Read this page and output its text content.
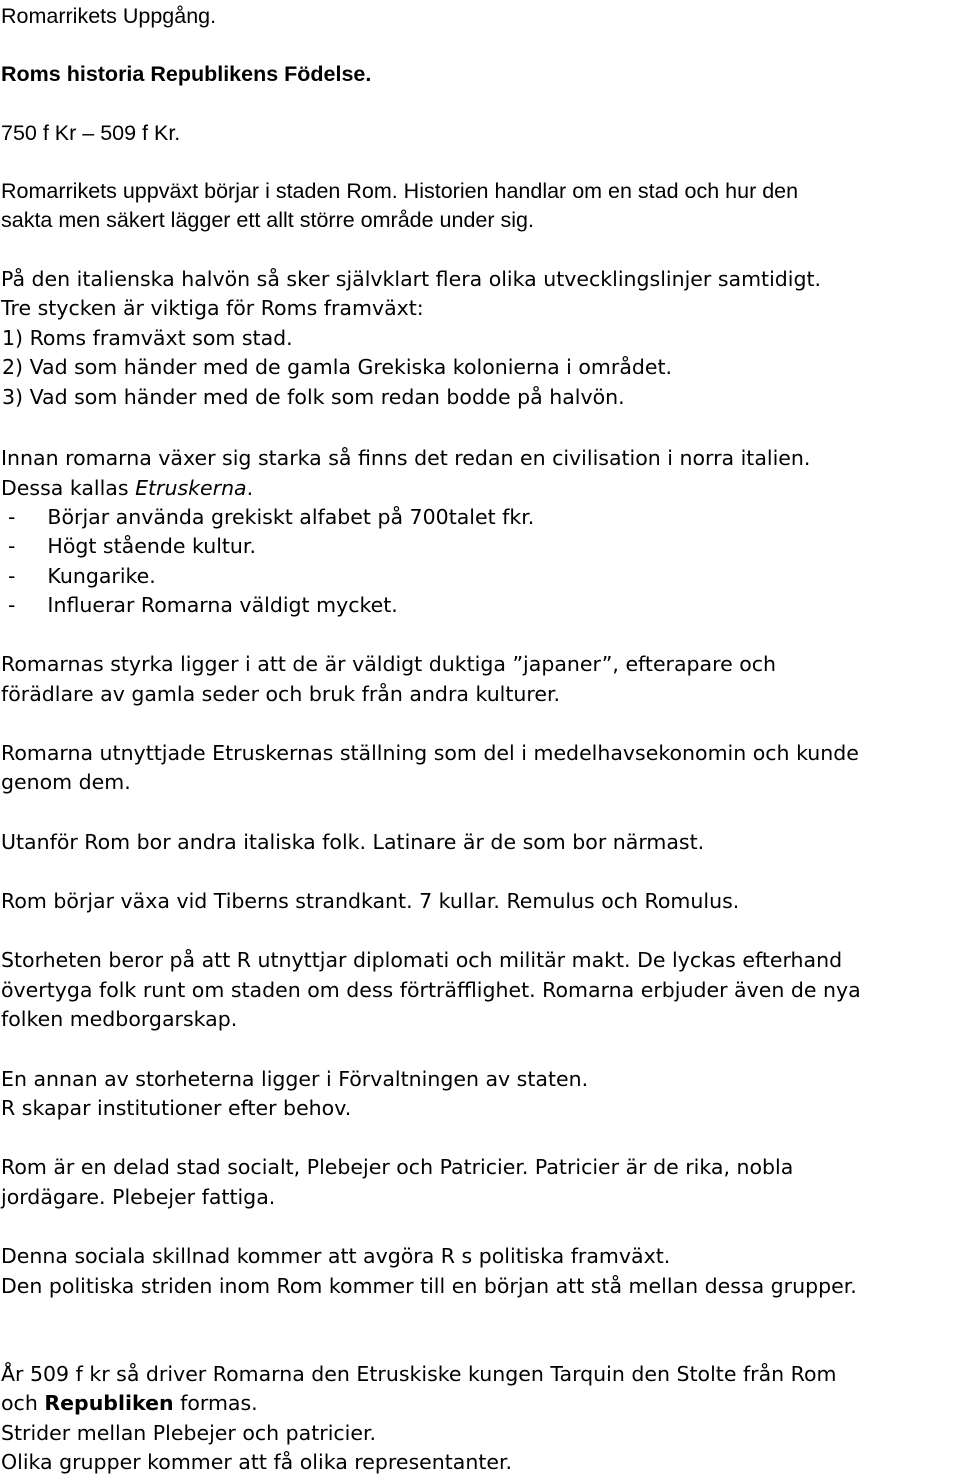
Romarrikets Uppgång.
Roms historia Republikens Födelse.
750 f Kr – 509 f Kr.
Romarrikets uppväxt börjar i staden Rom. Historien handlar om en stad och hur den
sakta men säkert lägger ett allt större område under sig.
På den italienska halvön så sker självklart flera olika utvecklingslinjer samtidigt.
Tre stycken är viktiga för Roms framväxt:
1) Roms framväxt som stad.
2) Vad som händer med de gamla Grekiska kolonierna i området.
3) Vad som händer med de folk som redan bodde på halvön.
Innan romarna växer sig starka så finns det redan en civilisation i norra italien.
Dessa kallas Etruskerna.
- Börjar använda grekiskt alfabet på 700talet fkr.
- Högt stående kultur.
- Kungarike.
- Influerar Romarna väldigt mycket.
Romarnas styrka ligger i att de är väldigt duktiga ”japaner”, efterapare och
förädlare av gamla seder och bruk från andra kulturer.
Romarna utnyttjade Etruskernas ställning som del i medelhavsekonomin och kunde
genom dem.
Utanför Rom bor andra italiska folk. Latinare är de som bor närmast.
Rom börjar växa vid Tiberns strandkant. 7 kullar. Remulus och Romulus.
Storheten beror på att R utnyttjar diplomati och militär makt. De lyckas efterhand
övertyga folk runt om staden om dess förträfflighet. Romarna erbjuder även de nya
folken medborgarskap.
En annan av storheterna ligger i Förvaltningen av staten.
R skapar institutioner efter behov.
Rom är en delad stad socialt, Plebejer och Patricier. Patricier är de rika, nobla
jordägare. Plebejer fattiga.
Denna sociala skillnad kommer att avgöra R s politiska framväxt.
Den politiska striden inom Rom kommer till en början att stå mellan dessa grupper.
År 509 f kr så driver Romarna den Etruskiske kungen Tarquin den Stolte från Rom
och Republiken formas.
Strider mellan Plebejer och patricier.
Olika grupper kommer att få olika representanter.
